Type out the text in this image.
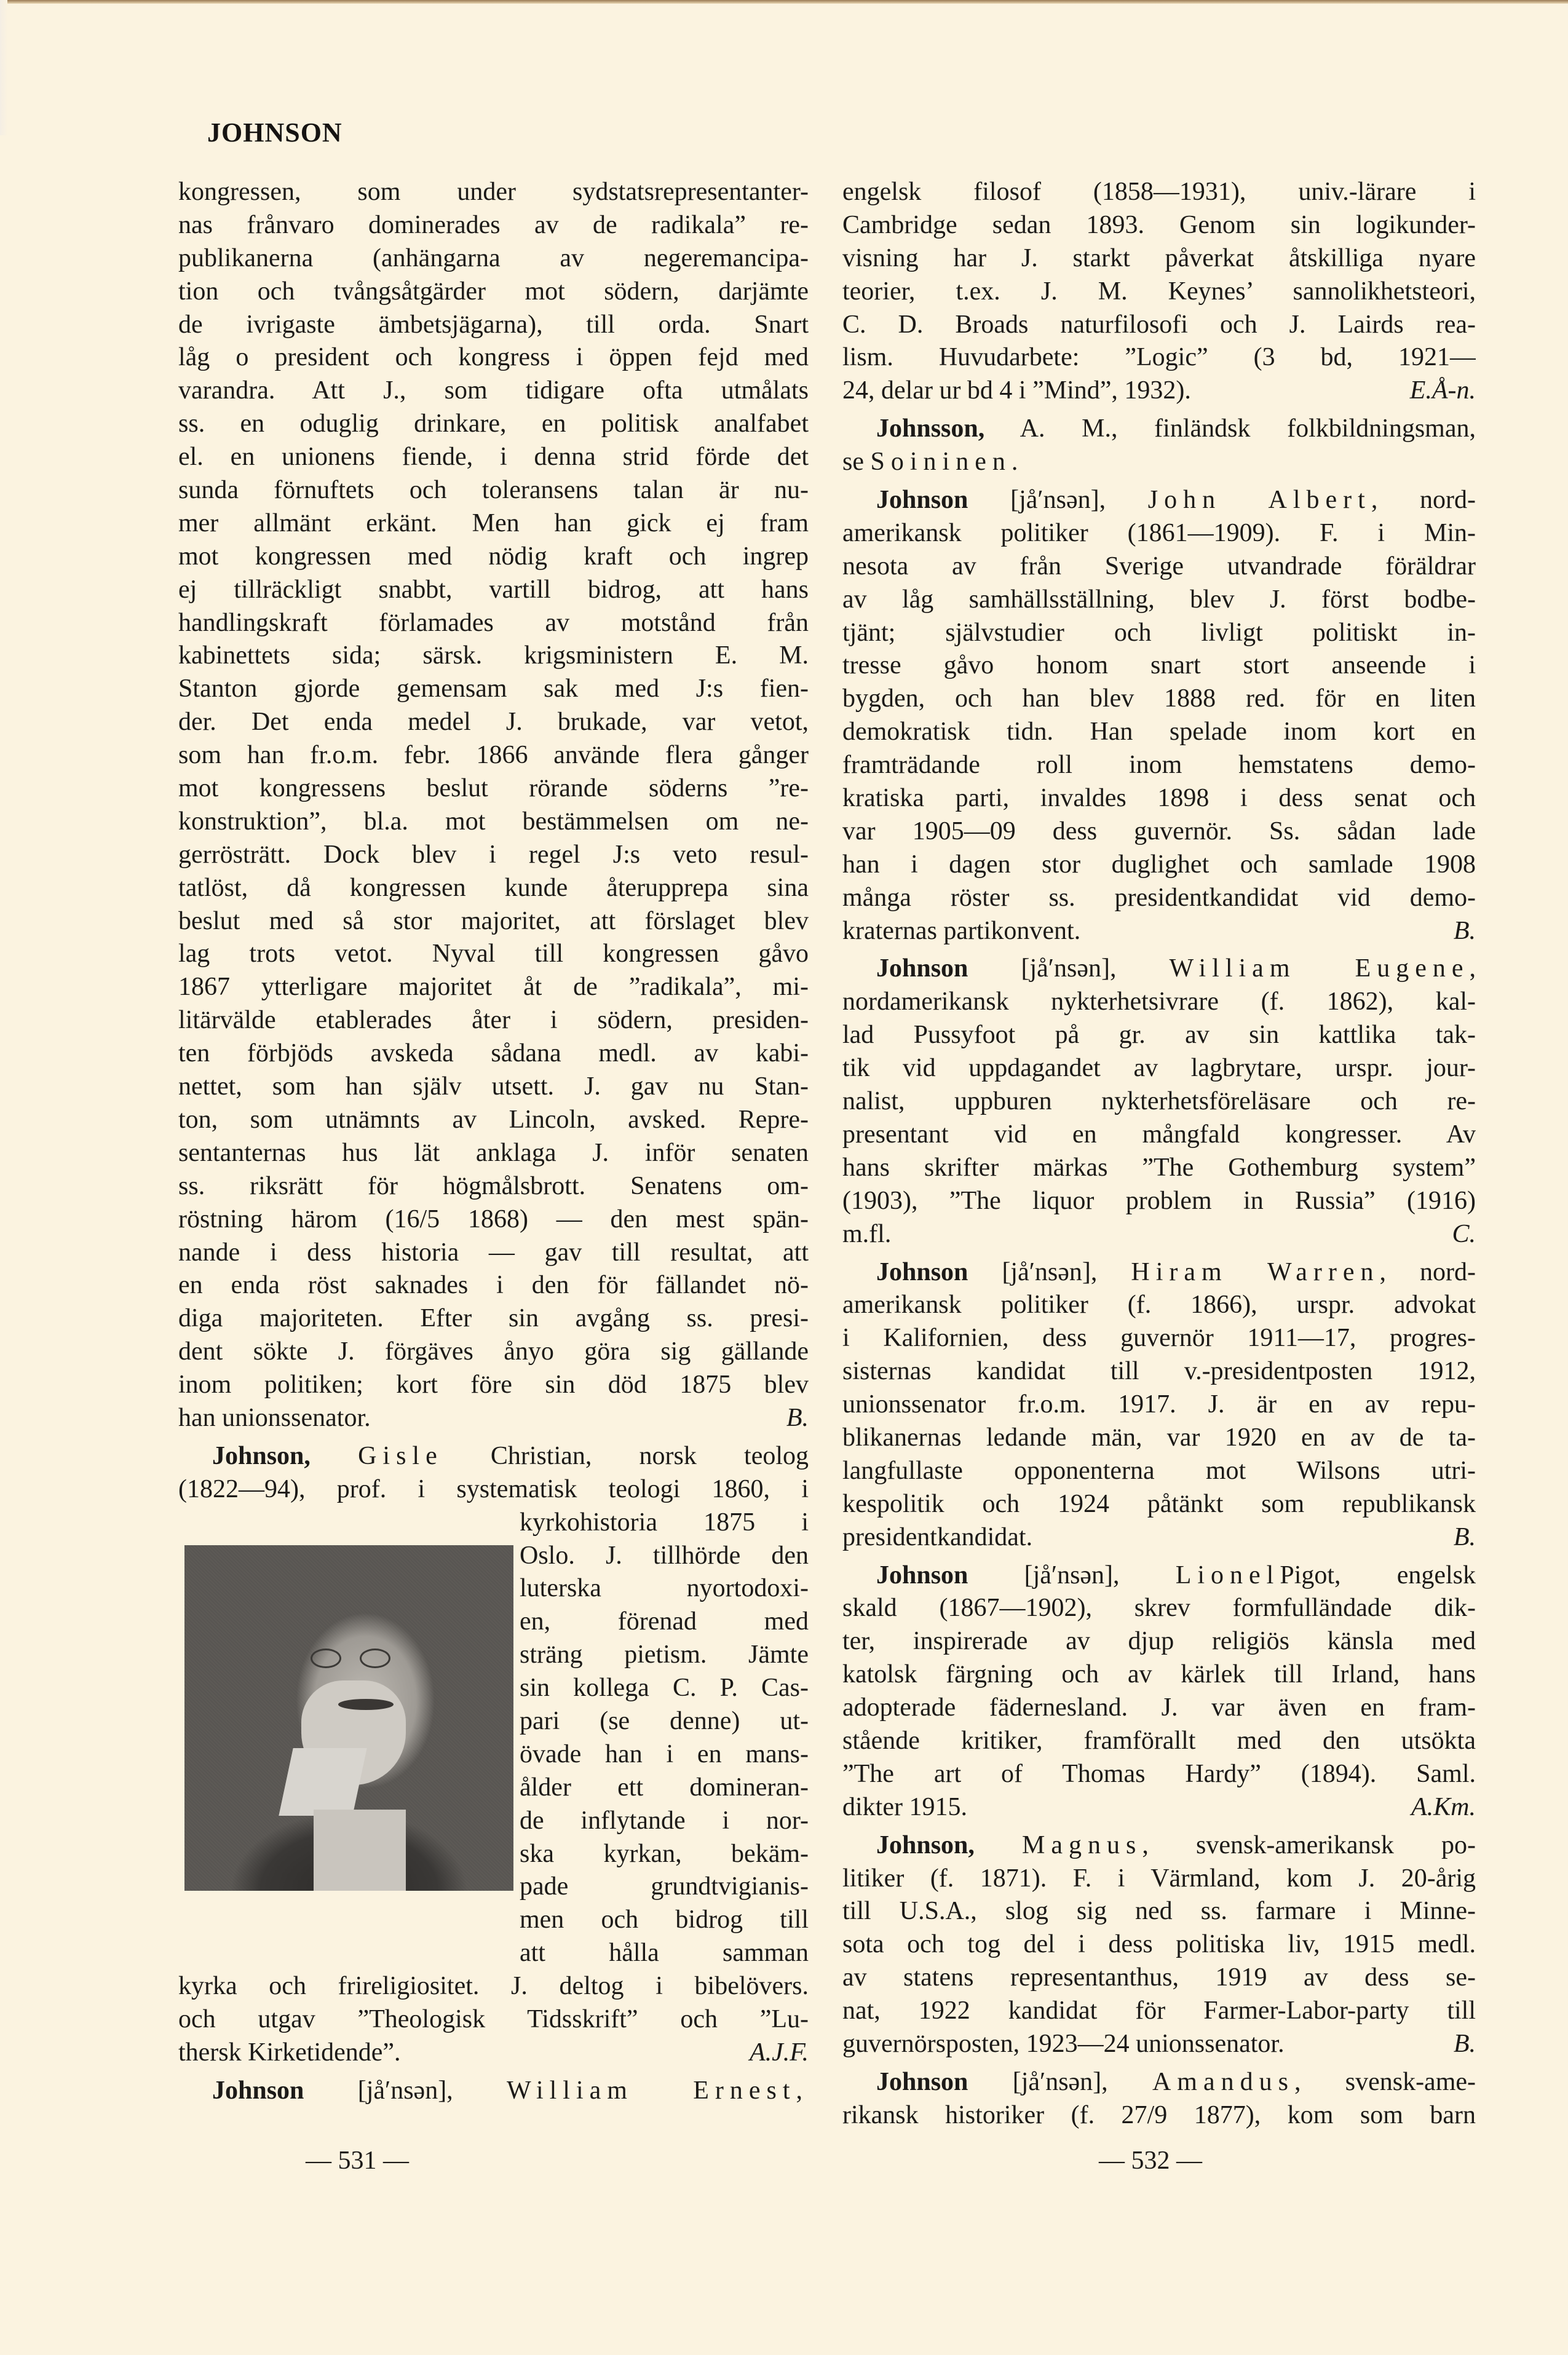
JOHNSON
kongressen, som under sydstatsrepresentanter-
nas frånvaro dominerades av de radikala” re-
publikanerna (anhängarna av negeremancipa-
tion och tvångsåtgärder mot södern, darjämte
de ivrigaste ämbetsjägarna), till orda. Snart
låg o president och kongress i öppen fejd med
varandra. Att J., som tidigare ofta utmålats
ss. en oduglig drinkare, en politisk analfabet
el. en unionens fiende, i denna strid förde det
sunda förnuftets och toleransens talan är nu-
mer allmänt erkänt. Men han gick ej fram
mot kongressen med nödig kraft och ingrep
ej tillräckligt snabbt, vartill bidrog, att hans
handlingskraft förlamades av motstånd från
kabinettets sida; särsk. krigsministern E. M.
Stanton gjorde gemensam sak med J:s fien-
der. Det enda medel J. brukade, var vetot,
som han fr.o.m. febr. 1866 använde flera gånger
mot kongressens beslut rörande söderns ”re-
konstruktion”, bl.a. mot bestämmelsen om ne-
gerrösträtt. Dock blev i regel J:s veto resul-
tatlöst, då kongressen kunde återupprepa sina
beslut med så stor majoritet, att förslaget blev
lag trots vetot. Nyval till kongressen gåvo
1867 ytterligare majoritet åt de ”radikala”, mi-
litärvälde etablerades åter i södern, presiden-
ten förbjöds avskeda sådana medl. av kabi-
nettet, som han själv utsett. J. gav nu Stan-
ton, som utnämnts av Lincoln, avsked. Repre-
sentanternas hus lät anklaga J. inför senaten
ss. riksrätt för högmålsbrott. Senatens om-
röstning härom (16/5 1868) — den mest spän-
nande i dess historia — gav till resultat, att
en enda röst saknades i den för fällandet nö-
diga majoriteten. Efter sin avgång ss. presi-
dent sökte J. förgäves ånyo göra sig gällande
inom politiken; kort före sin död 1875 blev
han unionssenator.	B.
Johnson, Gisle Christian, norsk teolog
(1822—94), prof. i systematisk teologi 1860, i
kyrkohistoria 1875 i
Oslo. J. tillhörde den
luterska nyortodoxi-
en, förenad med
sträng pietism. Jämte
sin kollega C. P. Cas-
pari (se denne) ut-
övade han i en mans-
ålder ett domineran-
de inflytande i nor-
ska kyrkan, bekäm-
pade grundtvigianis-
men och bidrog till
att hålla samman
kyrka och frireligiositet. J. deltog i bibelövers.
och utgav ”Theologisk Tidsskrift” och ”Lu-
thersk Kirketidende”.	A.J.F.
Johnson [jå′nsən], William Ernest,
engelsk filosof (1858—1931), univ.-lärare i
Cambridge sedan 1893. Genom sin logikunder-
visning har J. starkt påverkat åtskilliga nyare
teorier, t.ex. J. M. Keynes’ sannolikhetsteori,
C. D. Broads naturfilosofi och J. Lairds rea-
lism. Huvudarbete: ”Logic” (3 bd, 1921—
24, delar ur bd 4 i ”Mind”, 1932).	E.Å-n.
Johnsson, A. M., finländsk folkbildningsman,
se Soininen.
Johnson [jå′nsən], John Albert, nord-
amerikansk politiker (1861—1909). F. i Min-
nesota av från Sverige utvandrade föräldrar
av låg samhällsställning, blev J. först bodbe-
tjänt; självstudier och livligt politiskt in-
tresse gåvo honom snart stort anseende i
bygden, och han blev 1888 red. för en liten
demokratisk tidn. Han spelade inom kort en
framträdande roll inom hemstatens demo-
kratiska parti, invaldes 1898 i dess senat och
var 1905—09 dess guvernör. Ss. sådan lade
han i dagen stor duglighet och samlade 1908
många röster ss. presidentkandidat vid demo-
kraternas partikonvent.	B.
Johnson [jå′nsən], William Eugene,
nordamerikansk nykterhetsivrare (f. 1862), kal-
lad Pussyfoot på gr. av sin kattlika tak-
tik vid uppdagandet av lagbrytare, urspr. jour-
nalist, uppburen nykterhetsföreläsare och re-
presentant vid en mångfald kongresser. Av
hans skrifter märkas ”The Gothemburg system”
(1903), ”The liquor problem in Russia” (1916)
m.fl.	C.
Johnson [jå′nsən], Hiram Warren, nord-
amerikansk politiker (f. 1866), urspr. advokat
i Kalifornien, dess guvernör 1911—17, progres-
sisternas kandidat till v.-presidentposten 1912,
unionssenator fr.o.m. 1917. J. är en av repu-
blikanernas ledande män, var 1920 en av de ta-
langfullaste opponenterna mot Wilsons utri-
kespolitik och 1924 påtänkt som republikansk
presidentkandidat.	B.
Johnson [jå′nsən], LionelPigot, engelsk
skald (1867—1902), skrev formfulländade dik-
ter, inspirerade av djup religiös känsla med
katolsk färgning och av kärlek till Irland, hans
adopterade fädernesland. J. var även en fram-
stående kritiker, framförallt med den utsökta
”The art of Thomas Hardy” (1894). Saml.
dikter 1915.	A.Km.
Johnson, Magnus, svensk-amerikansk po-
litiker (f. 1871). F. i Värmland, kom J. 20-årig
till U.S.A., slog sig ned ss. farmare i Minne-
sota och tog del i dess politiska liv, 1915 medl.
av statens representanthus, 1919 av dess se-
nat, 1922 kandidat för Farmer-Labor-party till
guvernörsposten, 1923—24 unionssenator.	B.
Johnson [jå′nsən], Amandus, svensk-ame-
rikansk historiker (f. 27/9 1877), kom som barn
— 531 —	— 532 —
